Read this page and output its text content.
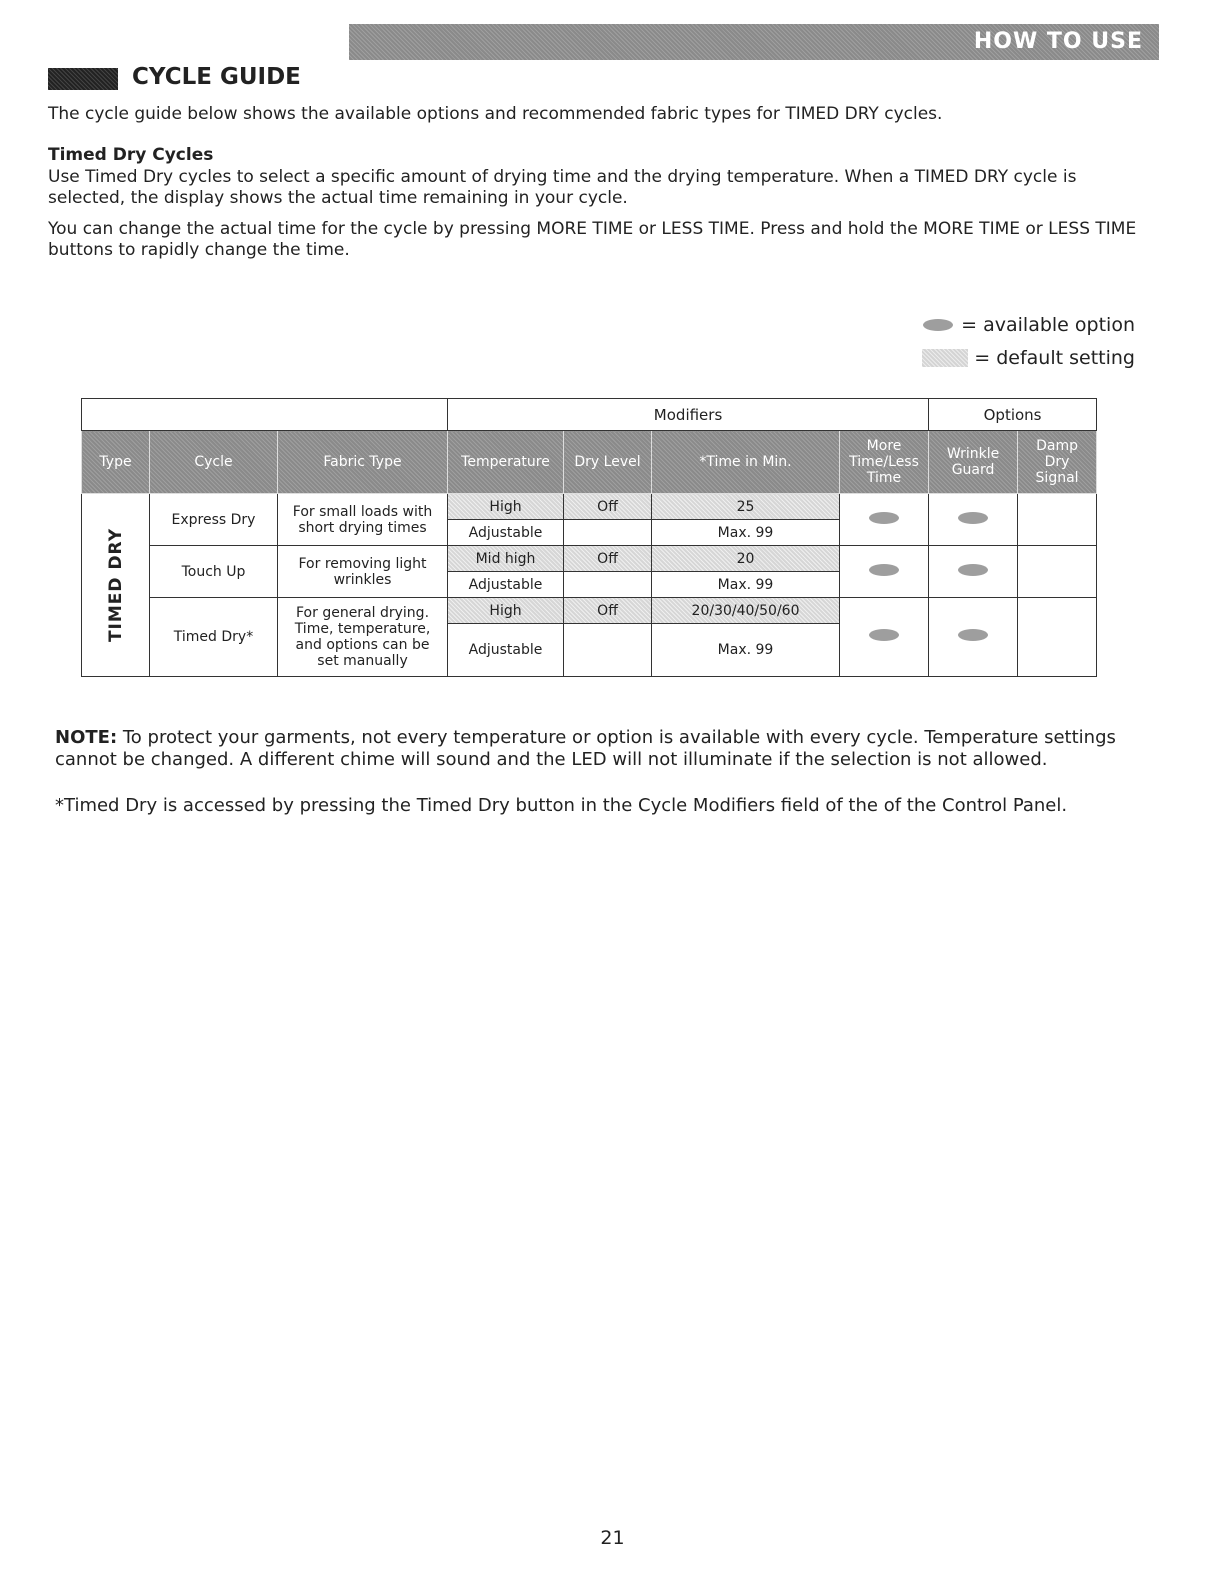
HOW TO USE
CYCLE GUIDE
The cycle guide below shows the available options and recommended fabric types for TIMED DRY cycles.
Timed Dry Cycles
Use Timed Dry cycles to select a specific amount of drying time and the drying temperature. When a TIMED DRY cycle is selected, the display shows the actual time remaining in your cycle.
You can change the actual time for the cycle by pressing MORE TIME or LESS TIME. Press and hold the MORE TIME or LESS TIME buttons to rapidly change the time.
= available option
= default setting
			Modifiers				Options	
Type	Cycle	Fabric Type	Temperature	Dry Level	*Time in Min.	More Time/Less Time	Wrinkle Guard	Damp Dry Signal

TIMED DRY	Express Dry	For small loads with short drying times	High	Off	25			
			Adjustable		Max. 99			
	Touch Up	For removing light wrinkles	Mid high	Off	20			
			Adjustable		Max. 99			
	Timed Dry*	For general drying. Time, temperature, and options can be set manually	High	Off	20/30/40/50/60			
			Adjustable		Max. 99			
NOTE: To protect your garments, not every temperature or option is available with every cycle. Temperature settings cannot be changed. A different chime will sound and the LED will not illuminate if the selection is not allowed.
*Timed Dry is accessed by pressing the Timed Dry button in the Cycle Modifiers field of the of the Control Panel.
21
